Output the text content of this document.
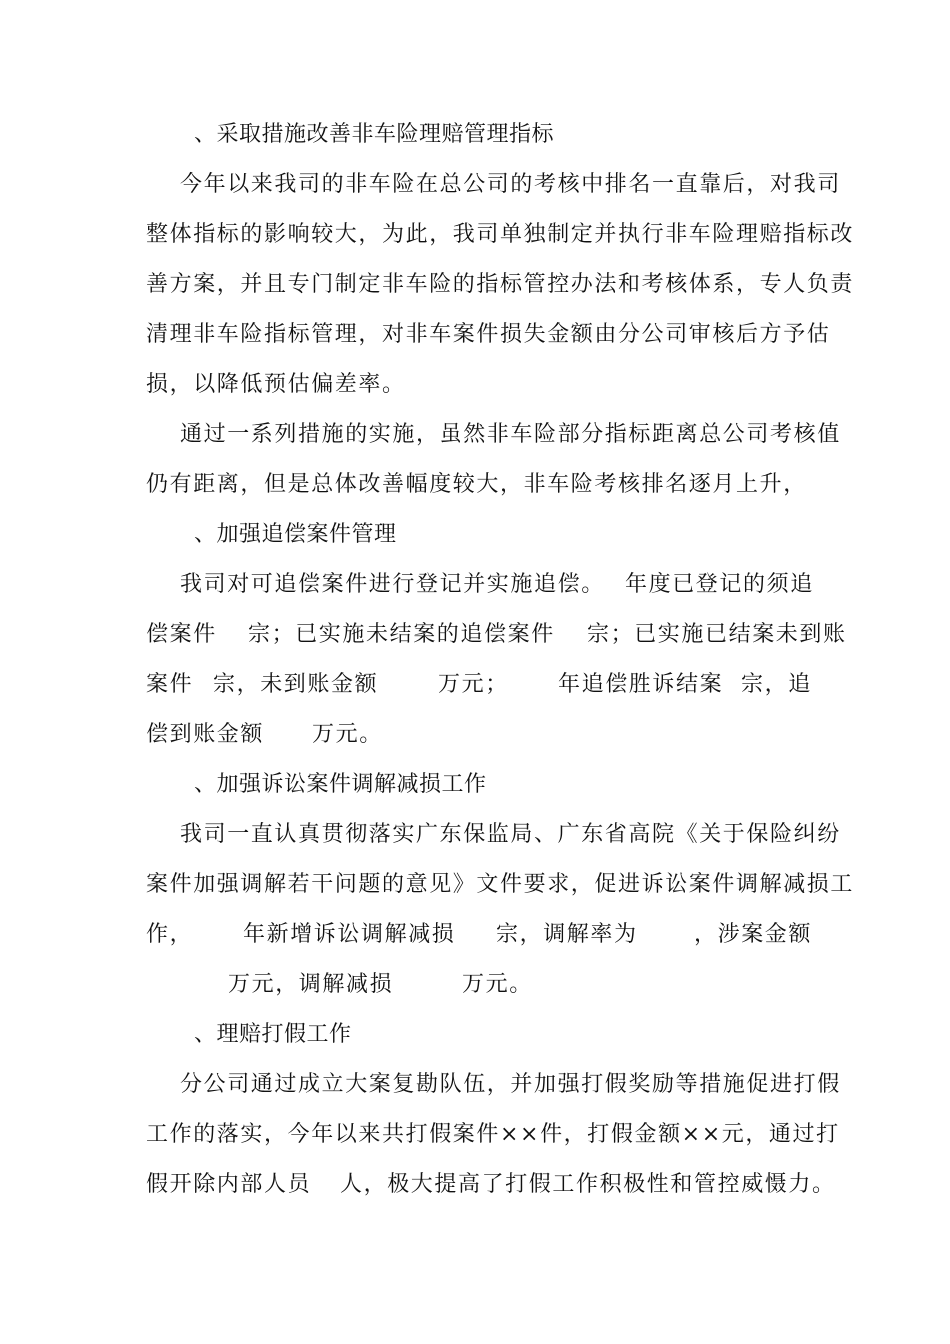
、采取措施改善非车险理赔管理指标
今年以来我司的非车险在总公司的考核中排名一直靠后，对我司
整体指标的影响较大，为此，我司单独制定并执行非车险理赔指标改
善方案，并且专门制定非车险的指标管控办法和考核体系，专人负责
清理非车险指标管理，对非车案件损失金额由分公司审核后方予估
损，以降低预估偏差率。
通过一系列措施的实施，虽然非车险部分指标距离总公司考核值
仍有距离，但是总体改善幅度较大，非车险考核排名逐月上升，
、加强追偿案件管理

我司对可追偿案件进行登记并实施追偿。

年度已登记的须追

偿案件

宗；已实施未结案的追偿案件

宗；已实施已结案未到账

案件

宗，未到账金额

	万元；

年追偿胜诉结案

宗，追

偿到账金额

万元。

、加强诉讼案件调解减损工作

我司一直认真贯彻落实广东保监局、广东省高院《关于保险纠纷

案件加强调解若干问题的意见》文件要求，促进诉讼案件调解减损工

作，

年新增诉讼调解减损

宗，调解率为

	，涉案金额

万元，调解减损

	万元。

、理赔打假工作

分公司通过成立大案复勘队伍，并加强打假奖励等措施促进打假

工作的落实，今年以来共打假案件××件，打假金额××元，通过打

假开除内部人员

人，极大提高了打假工作积极性和管控威慑力。
